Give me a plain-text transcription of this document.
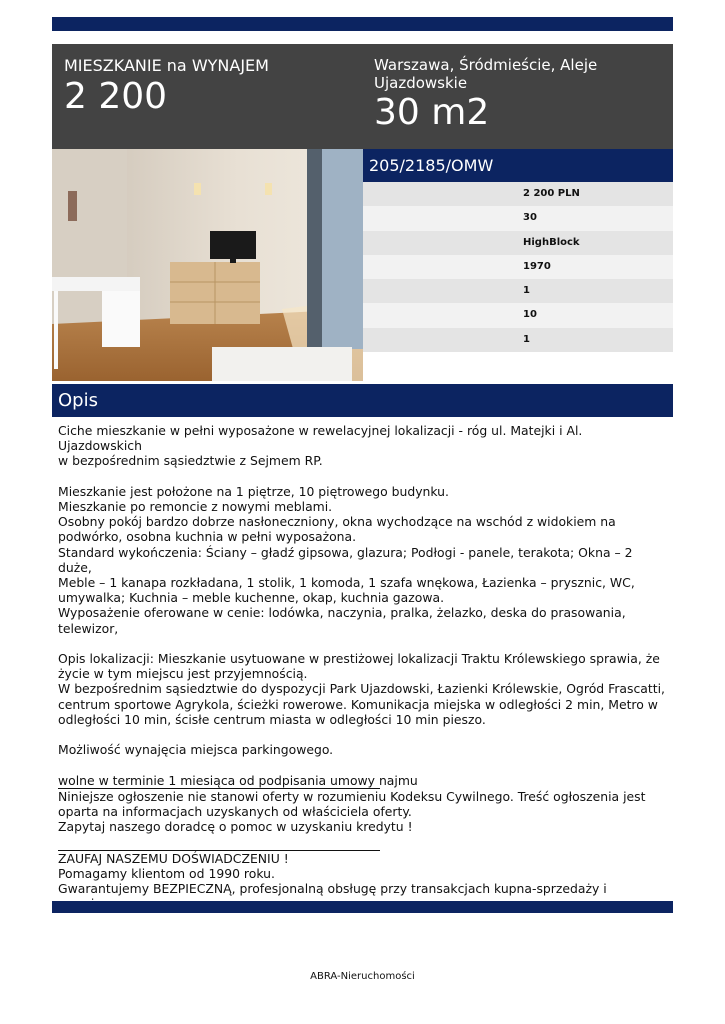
MIESZKANIE na WYNAJEM
2 200
Warszawa, Śródmieście, Aleje Ujazdowskie
30 m2
205/2185/OMW
2 200 PLN
30
HighBlock
1970
1
10
1
Opis

Ciche mieszkanie w pełni wyposażone w rewelacyjnej lokalizacji - róg ul. Matejki i Al. Ujazdowskich
w bezpośrednim sąsiedztwie z Sejmem RP.

Mieszkanie jest położone na 1 piętrze, 10 piętrowego budynku.
Mieszkanie po remoncie z nowymi meblami.
Osobny pokój bardzo dobrze nasłoneczniony, okna wychodzące na wschód z widokiem na
podwórko, osobna kuchnia w pełni wyposażona.
Standard wykończenia: Ściany – gładź gipsowa, glazura; Podłogi - panele, terakota; Okna – 2 duże,
Meble – 1 kanapa rozkładana, 1 stolik, 1 komoda, 1 szafa wnękowa, Łazienka – prysznic, WC,
umywalka; Kuchnia – meble kuchenne, okap, kuchnia gazowa.
Wyposażenie oferowane w cenie: lodówka, naczynia, pralka, żelazko, deska do prasowania,
telewizor,

Opis lokalizacji: Mieszkanie usytuowane w prestiżowej lokalizacji Traktu Królewskiego sprawia, że
życie w tym miejscu jest przyjemnością.
W bezpośrednim sąsiedztwie do dyspozycji Park Ujazdowski, Łazienki Królewskie, Ogród Frascatti,
centrum sportowe Agrykola, ścieżki rowerowe. Komunikacja miejska w odległości 2 min, Metro w
odległości 10 min, ścisłe centrum miasta w odległości 10 min pieszo.

Możliwość wynajęcia miejsca parkingowego.

wolne w terminie 1 miesiąca od podpisania umowy najmu

Niniejsze ogłoszenie nie stanowi oferty w rozumieniu Kodeksu Cywilnego. Treść ogłoszenia jest
oparta na informacjach uzyskanych od właściciela oferty.
Zapytaj naszego doradcę o pomoc w uzyskaniu kredytu !

ZAUFAJ NASZEMU DOŚWIADCZENIU !
Pomagamy klientom od 1990 roku.
Gwarantujemy BEZPIECZNĄ, profesjonalną obsługę przy transakcjach kupna-sprzedaży i

ABRA-Nieruchomości
